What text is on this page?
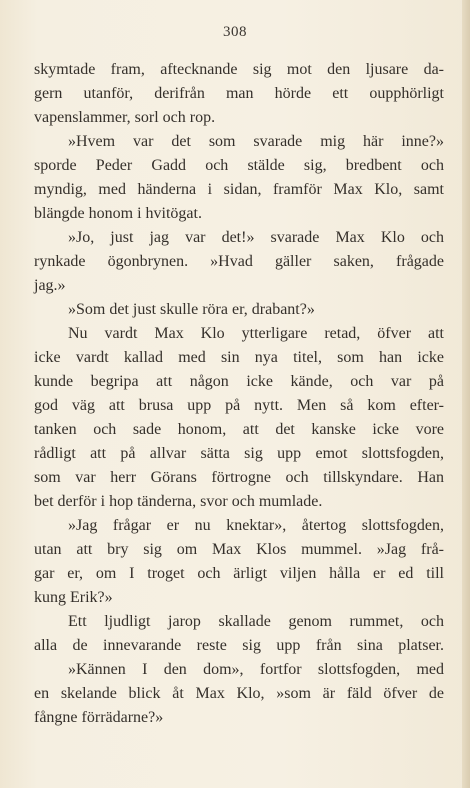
308
skymtade fram, aftecknande sig mot den ljusare da-
gern utanför, derifrån man hörde ett oupphörligt
vapenslammer, sorl och rop.
»Hvem var det som svarade mig här inne?»
sporde Peder Gadd och stälde sig, bredbent och
myndig, med händerna i sidan, framför Max Klo, samt
blängde honom i hvitögat.
»Jo, just jag var det!» svarade Max Klo och
rynkade ögonbrynen. »Hvad gäller saken, frågade
jag.»
»Som det just skulle röra er, drabant?»
Nu vardt Max Klo ytterligare retad, öfver att
icke vardt kallad med sin nya titel, som han icke
kunde begripa att någon icke kände, och var på
god väg att brusa upp på nytt. Men så kom efter-
tanken och sade honom, att det kanske icke vore
rådligt att på allvar sätta sig upp emot slottsfogden,
som var herr Görans förtrogne och tillskyndare. Han
bet derför i hop tänderna, svor och mumlade.
»Jag frågar er nu knektar», återtog slottsfogden,
utan att bry sig om Max Klos mummel. »Jag frå-
gar er, om I troget och ärligt viljen hålla er ed till
kung Erik?»
Ett ljudligt jarop skallade genom rummet, och
alla de innevarande reste sig upp från sina platser.
»Kännen I den dom», fortfor slottsfogden, med
en skelande blick åt Max Klo, »som är fäld öfver de
fångne förrädarne?»
